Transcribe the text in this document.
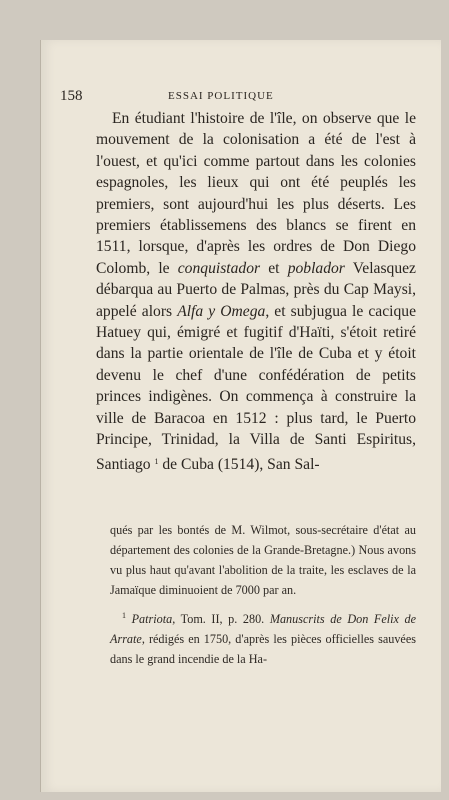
158	ESSAI POLITIQUE

En étudiant l'histoire de l'île, on observe que le mouvement de la colonisation a été de l'est à l'ouest, et qu'ici comme partout dans les colonies espagnoles, les lieux qui ont été peuplés les premiers, sont aujourd'hui les plus déserts. Les premiers établissemens des blancs se firent en 1511, lorsque, d'après les ordres de Don Diego Colomb, le conquistador et poblador Velasquez débarqua au Puerto de Palmas, près du Cap Maysi, appelé alors Alfa y Omega, et subjugua le cacique Hatuey qui, émigré et fugitif d'Haïti, s'étoit retiré dans la partie orientale de l'île de Cuba et y étoit devenu le chef d'une confédération de petits princes indigènes. On commença à construire la ville de Baracoa en 1512 : plus tard, le Puerto Principe, Trinidad, la Villa de Santi Espiritus, Santiago $^1$ de Cuba (1514), San Sal-

qués par les bontés de M. Wilmot, sous-secrétaire d'état au département des colonies de la Grande-Bretagne.) Nous avons vu plus haut qu'avant l'abolition de la traite, les esclaves de la Jamaïque diminuoient de 7000 par an.

$^1$ Patriota, Tom. II, p. 280. Manuscrits de Don Felix de Arrate, rédigés en 1750, d'après les pièces officielles sauvées dans le grand incendie de la Ha-
